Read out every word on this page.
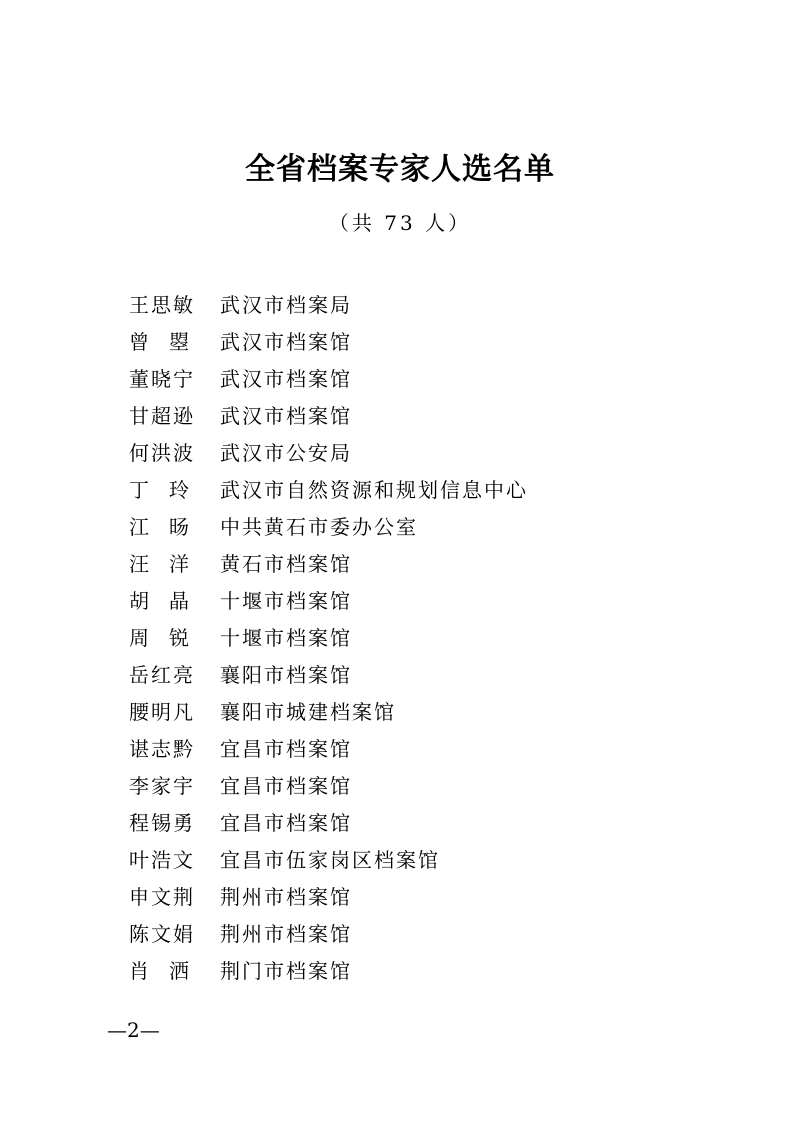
全省档案专家人选名单
（共 73 人）
王思敏 武汉市档案局
曾 曌 武汉市档案馆
董晓宁 武汉市档案馆
甘超逊 武汉市档案馆
何洪波 武汉市公安局
丁 玲 武汉市自然资源和规划信息中心
江 旸 中共黄石市委办公室
汪 洋 黄石市档案馆
胡 晶 十堰市档案馆
周 锐 十堰市档案馆
岳红亮 襄阳市档案馆
腰明凡 襄阳市城建档案馆
谌志黔 宜昌市档案馆
李家宇 宜昌市档案馆
程锡勇 宜昌市档案馆
叶浩文 宜昌市伍家岗区档案馆
申文荆 荆州市档案馆
陈文娟 荆州市档案馆
肖 洒 荆门市档案馆
—2—
